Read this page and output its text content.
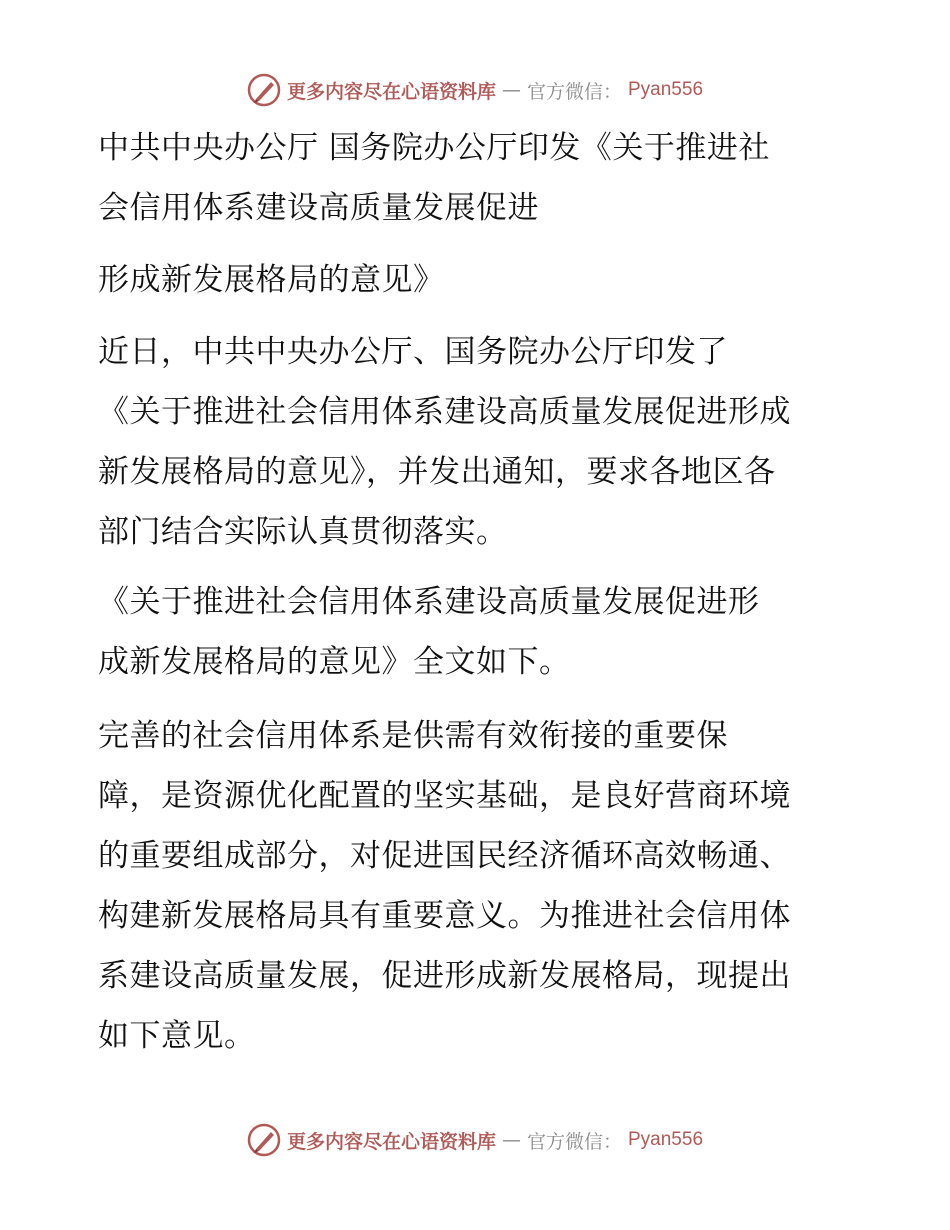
更多内容尽在心语资料库 — 官方微信： Pyan556

中共中央办公厅 国务院办公厅印发《关于推进社

会信用体系建设高质量发展促进

形成新发展格局的意见》

近日，中共中央办公厅、国务院办公厅印发了

《关于推进社会信用体系建设高质量发展促进形成

新发展格局的意见》，并发出通知，要求各地区各

部门结合实际认真贯彻落实。

《关于推进社会信用体系建设高质量发展促进形

成新发展格局的意见》全文如下。

完善的社会信用体系是供需有效衔接的重要保

障，是资源优化配置的坚实基础，是良好营商环境

的重要组成部分，对促进国民经济循环高效畅通、

构建新发展格局具有重要意义。为推进社会信用体

系建设高质量发展，促进形成新发展格局，现提出

如下意见。

更多内容尽在心语资料库 — 官方微信： Pyan556
